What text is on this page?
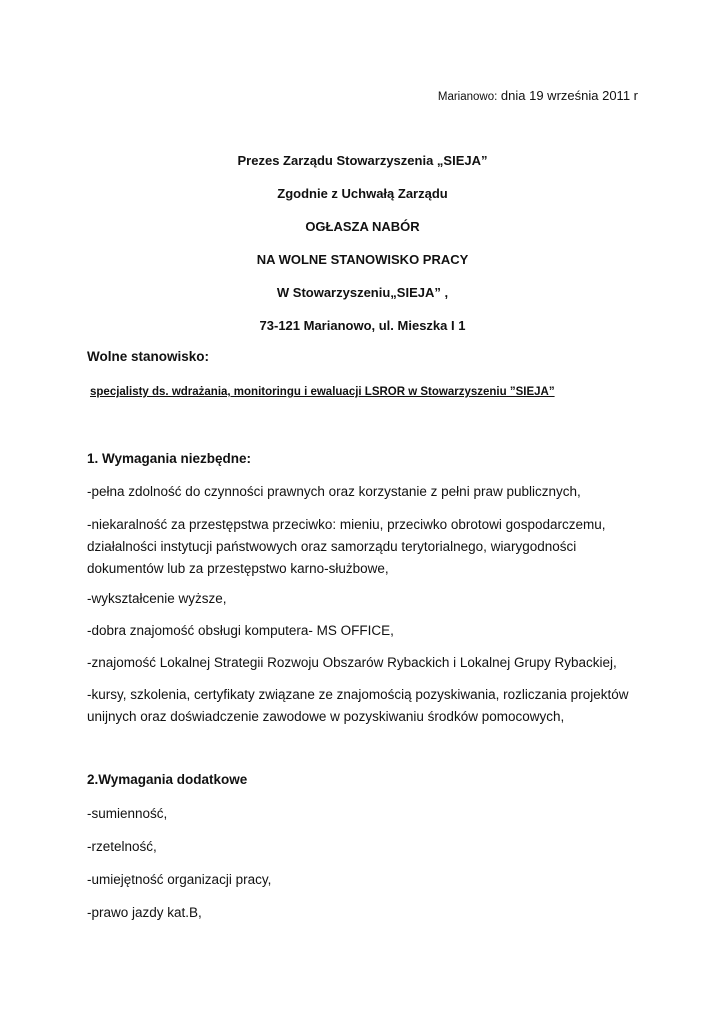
Marianowo: dnia 19 września 2011 r
Prezes Zarządu Stowarzyszenia „SIEJA”
Zgodnie z Uchwałą Zarządu
OGŁASZA NABÓR
NA WOLNE STANOWISKO PRACY
W Stowarzyszeniu„SIEJA” ,
73-121 Marianowo, ul. Mieszka I 1
Wolne stanowisko:
specjalisty ds. wdrażania, monitoringu i ewaluacji LSROR w Stowarzyszeniu ”SIEJA”
1. Wymagania niezbędne:
-pełna zdolność do czynności prawnych oraz korzystanie z pełni praw publicznych,
-niekaralność za przestępstwa przeciwko: mieniu, przeciwko obrotowi gospodarczemu,
działalności instytucji państwowych oraz samorządu terytorialnego, wiarygodności
dokumentów lub za przestępstwo karno-służbowe,
-wykształcenie wyższe,
-dobra znajomość obsługi komputera- MS OFFICE,
-znajomość Lokalnej Strategii Rozwoju Obszarów Rybackich i Lokalnej Grupy Rybackiej,
-kursy, szkolenia, certyfikaty związane ze znajomością pozyskiwania, rozliczania projektów
unijnych oraz doświadczenie zawodowe w pozyskiwaniu środków pomocowych,
2.Wymagania dodatkowe
-sumienność,
-rzetelność,
-umiejętność organizacji pracy,
-prawo jazdy kat.B,
